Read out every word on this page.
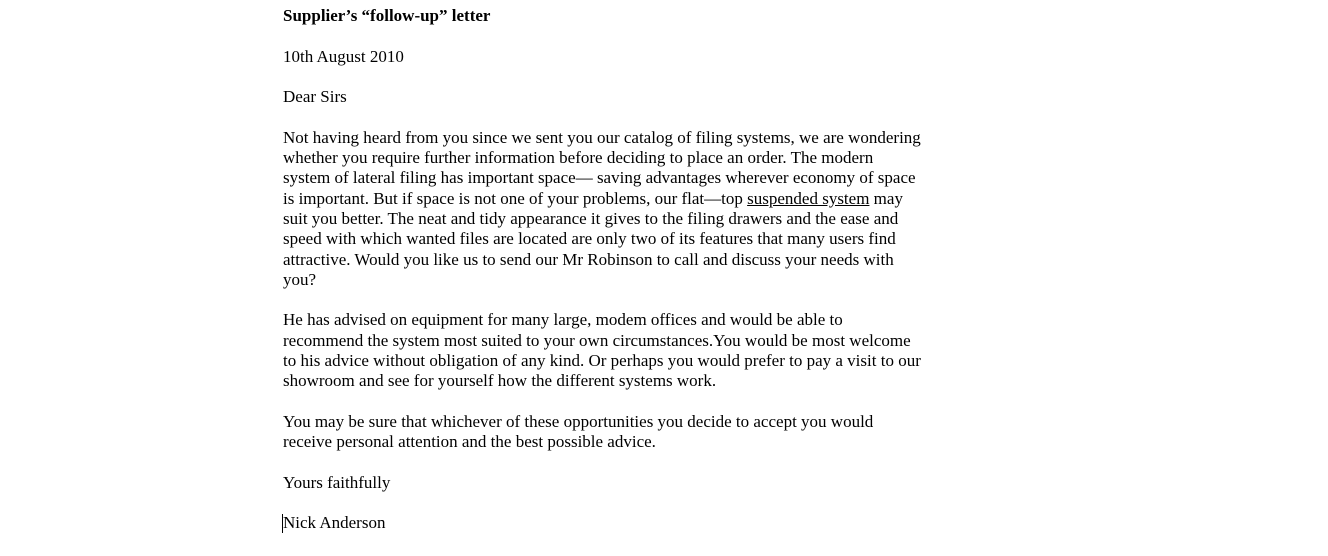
Supplier’s “follow-up” letter
10th August 2010
Dear Sirs
Not having heard from you since we sent you our catalog of filing systems, we are wondering
whether you require further information before deciding to place an order. The modern
system of lateral filing has important space— saving advantages wherever economy of space
is important. But if space is not one of your problems, our flat—top suspended system may
suit you better. The neat and tidy appearance it gives to the filing drawers and the ease and
speed with which wanted files are located are only two of its features that many users find
attractive. Would you like us to send our Mr Robinson to call and discuss your needs with
you?
He has advised on equipment for many large, modem offices and would be able to
recommend the system most suited to your own circumstances.You would be most welcome
to his advice without obligation of any kind. Or perhaps you would prefer to pay a visit to our
showroom and see for yourself how the different systems work.
You may be sure that whichever of these opportunities you decide to accept you would
receive personal attention and the best possible advice.
Yours faithfully
Nick Anderson
